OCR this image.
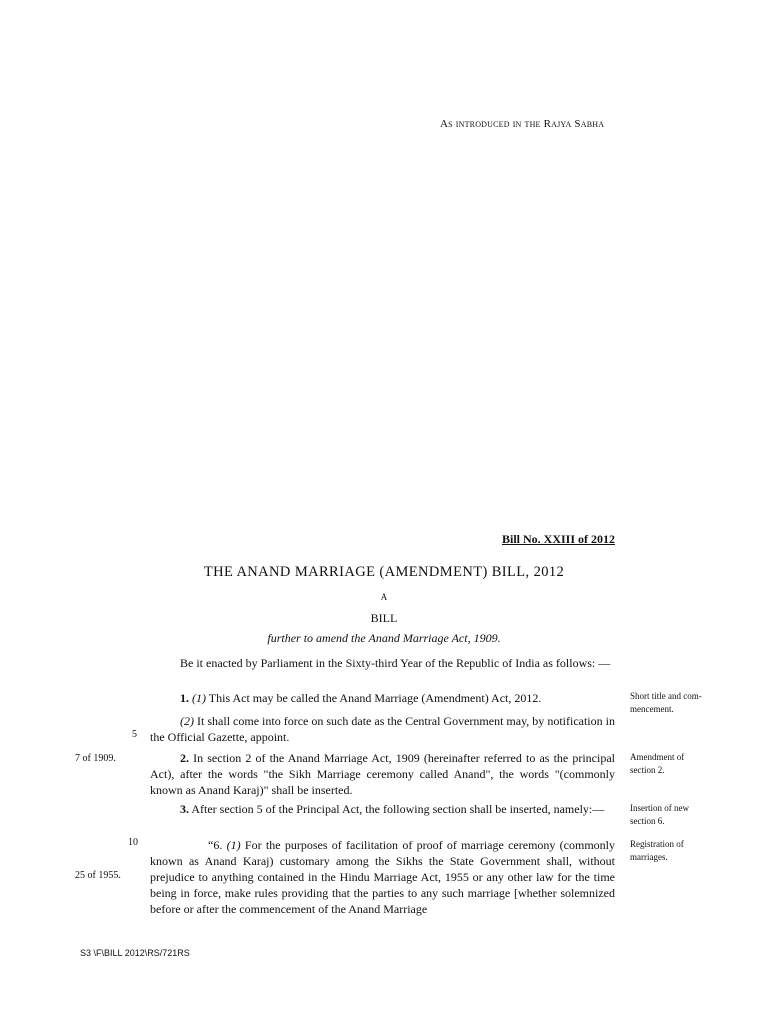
As introduced in the Rajya Sabha
Bill No. XXIII of 2012
THE ANAND MARRIAGE (AMENDMENT) BILL, 2012
A
BILL
further to amend the Anand Marriage Act, 1909.
Be it enacted by Parliament in the Sixty-third Year of the Republic of India as follows: —
1. (1) This Act may be called the Anand Marriage (Amendment) Act, 2012.	Short title and com-mencement.
(2) It shall come into force on such date as the Central Government may, by notification in the Official Gazette, appoint.
5
7 of 1909.	2. In section 2 of the Anand Marriage Act, 1909 (hereinafter referred to as the principal Act), after the words "the Sikh Marriage ceremony called Anand", the words "(commonly known as Anand Karaj)" shall be inserted.
Amendment of section 2.
3. After section 5 of the Principal Act, the following section shall be inserted, namely:—	Insertion of new section 6.
10	Registration of marriages.
“6. (1) For the purposes of facilitation of proof of marriage ceremony (commonly known as Anand Karaj) customary among the Sikhs the State Government shall, without prejudice to anything contained in the Hindu Marriage Act, 1955 or any other law for the time being in force, make rules providing that the parties to any such marriage [whether solemnized before or after the commencement of the Anand Marriage
25 of 1955.
S3 \F\BILL 2012\RS/721RS
